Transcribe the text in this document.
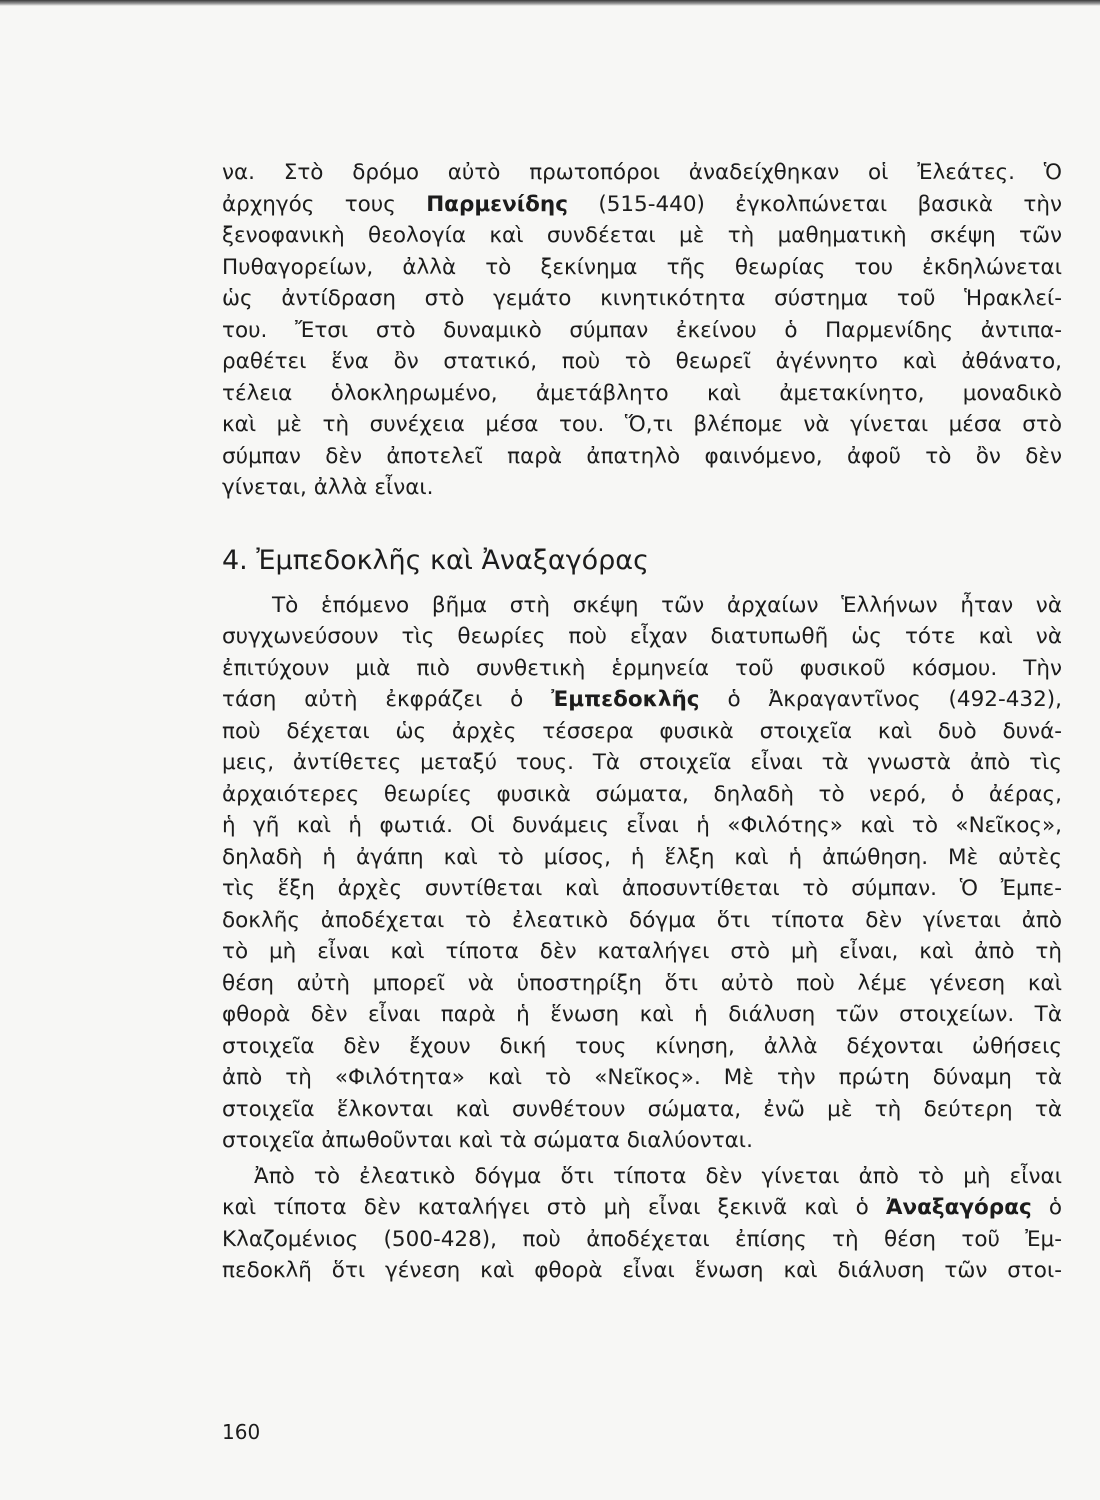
να. Στὸ δρόμο αὐτὸ πρωτοπόροι ἀναδείχθηκαν οἱ Ἐλεάτες. Ὁ
ἀρχηγός τους Παρμενίδης (515-440) ἐγκολπώνεται βασικὰ τὴν
ξενοφανικὴ θεολογία καὶ συνδέεται μὲ τὴ μαθηματικὴ σκέψη τῶν
Πυθαγορείων, ἀλλὰ τὸ ξεκίνημα τῆς θεωρίας του ἐκδηλώνεται
ὡς ἀντίδραση στὸ γεμάτο κινητικότητα σύστημα τοῦ Ἡρακλεί-
του. Ἔτσι στὸ δυναμικὸ σύμπαν ἐκείνου ὁ Παρμενίδης ἀντιπα-
ραθέτει ἕνα ὂν στατικό, ποὺ τὸ θεωρεῖ ἀγέννητο καὶ ἀθάνατο,
τέλεια ὁλοκληρωμένο, ἀμετάβλητο καὶ ἀμετακίνητο, μοναδικὸ
καὶ μὲ τὴ συνέχεια μέσα του. Ὅ,τι βλέπομε νὰ γίνεται μέσα στὸ
σύμπαν δὲν ἀποτελεῖ παρὰ ἀπατηλὸ φαινόμενο, ἀφοῦ τὸ ὂν δὲν
γίνεται, ἀλλὰ εἶναι.
4. Ἐμπεδοκλῆς καὶ Ἀναξαγόρας
Τὸ ἑπόμενο βῆμα στὴ σκέψη τῶν ἀρχαίων Ἑλλήνων ἦταν νὰ
συγχωνεύσουν τὶς θεωρίες ποὺ εἶχαν διατυπωθῆ ὡς τότε καὶ νὰ
ἐπιτύχουν μιὰ πιὸ συνθετικὴ ἑρμηνεία τοῦ φυσικοῦ κόσμου. Τὴν
τάση αὐτὴ ἐκφράζει ὁ Ἐμπεδοκλῆς ὁ Ἀκραγαντῖνος (492-432),
ποὺ δέχεται ὡς ἀρχὲς τέσσερα φυσικὰ στοιχεῖα καὶ δυὸ δυνά-
μεις, ἀντίθετες μεταξύ τους. Τὰ στοιχεῖα εἶναι τὰ γνωστὰ ἀπὸ τὶς
ἀρχαιότερες θεωρίες φυσικὰ σώματα, δηλαδὴ τὸ νερό, ὁ ἀέρας,
ἡ γῆ καὶ ἡ φωτιά. Οἱ δυνάμεις εἶναι ἡ «Φιλότης» καὶ τὸ «Νεῖκος»,
δηλαδὴ ἡ ἀγάπη καὶ τὸ μίσος, ἡ ἕλξη καὶ ἡ ἀπώθηση. Μὲ αὐτὲς
τὶς ἕξη ἀρχὲς συντίθεται καὶ ἀποσυντίθεται τὸ σύμπαν. Ὁ Ἐμπε-
δοκλῆς ἀποδέχεται τὸ ἐλεατικὸ δόγμα ὅτι τίποτα δὲν γίνεται ἀπὸ
τὸ μὴ εἶναι καὶ τίποτα δὲν καταλήγει στὸ μὴ εἶναι, καὶ ἀπὸ τὴ
θέση αὐτὴ μπορεῖ νὰ ὑποστηρίξη ὅτι αὐτὸ ποὺ λέμε γένεση καὶ
φθορὰ δὲν εἶναι παρὰ ἡ ἕνωση καὶ ἡ διάλυση τῶν στοιχείων. Τὰ
στοιχεῖα δὲν ἔχουν δική τους κίνηση, ἀλλὰ δέχονται ὠθήσεις
ἀπὸ τὴ «Φιλότητα» καὶ τὸ «Νεῖκος». Μὲ τὴν πρώτη δύναμη τὰ
στοιχεῖα ἕλκονται καὶ συνθέτουν σώματα, ἐνῶ μὲ τὴ δεύτερη τὰ
στοιχεῖα ἀπωθοῦνται καὶ τὰ σώματα διαλύονται.
Ἀπὸ τὸ ἐλεατικὸ δόγμα ὅτι τίποτα δὲν γίνεται ἀπὸ τὸ μὴ εἶναι
καὶ τίποτα δὲν καταλήγει στὸ μὴ εἶναι ξεκινᾶ καὶ ὁ Ἀναξαγόρας ὁ
Κλαζομένιος (500-428), ποὺ ἀποδέχεται ἐπίσης τὴ θέση τοῦ Ἐμ-
πεδοκλῆ ὅτι γένεση καὶ φθορὰ εἶναι ἕνωση καὶ διάλυση τῶν στοι-
160
